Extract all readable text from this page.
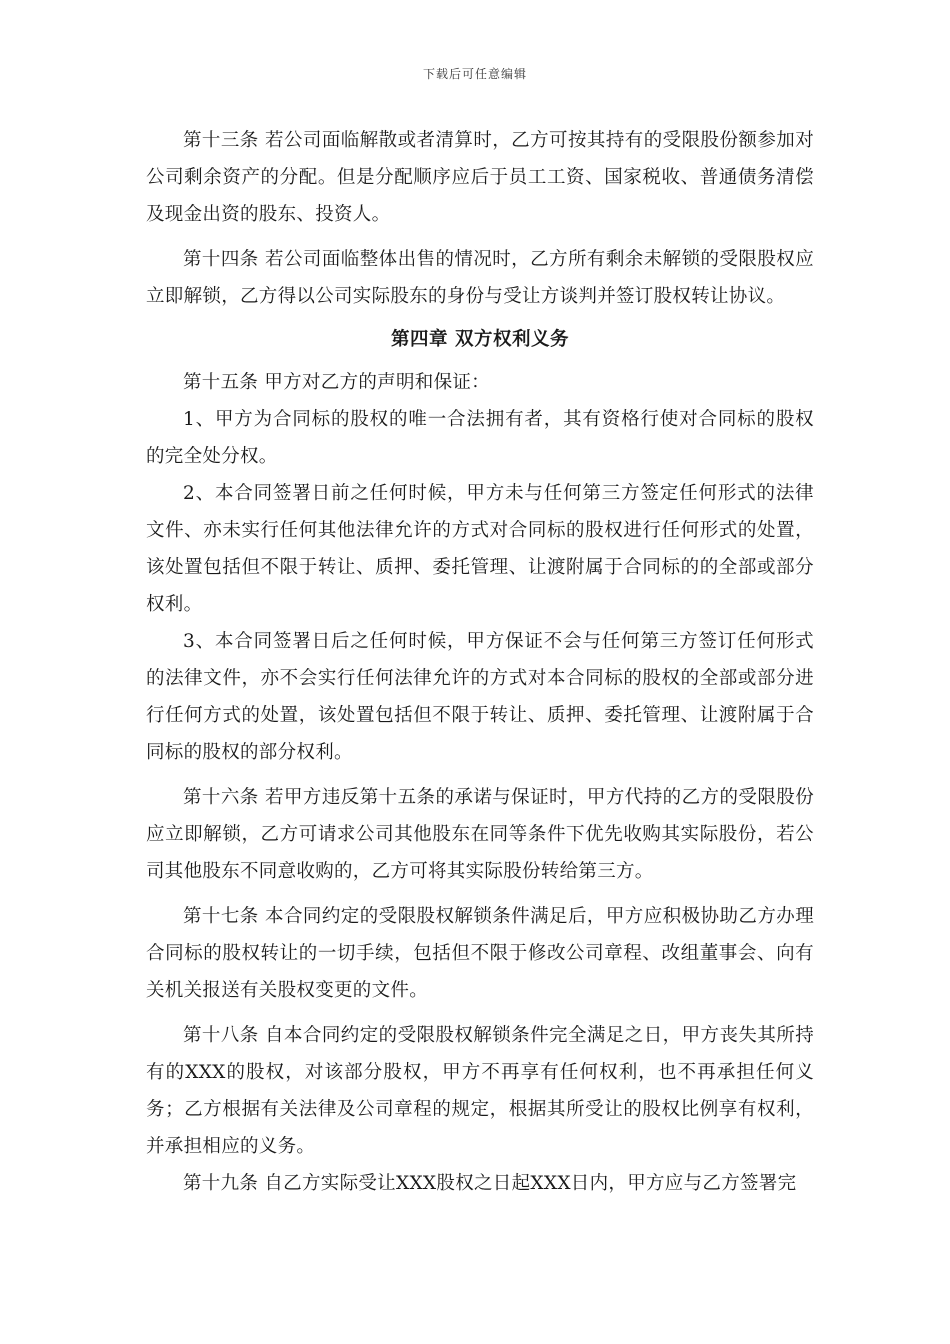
下载后可任意编辑

第十三条 若公司面临解散或者清算时，乙方可按其持有的受限股份额参加对公司剩余资产的分配。但是分配顺序应后于员工工资、国家税收、普通债务清偿及现金出资的股东、投资人。

第十四条 若公司面临整体出售的情况时，乙方所有剩余未解锁的受限股权应立即解锁，乙方得以公司实际股东的身份与受让方谈判并签订股权转让协议。

第四章 双方权利义务

第十五条 甲方对乙方的声明和保证：

1、甲方为合同标的股权的唯一合法拥有者，其有资格行使对合同标的股权的完全处分权。

2、本合同签署日前之任何时候，甲方未与任何第三方签定任何形式的法律文件、亦未实行任何其他法律允许的方式对合同标的股权进行任何形式的处置，该处置包括但不限于转让、质押、委托管理、让渡附属于合同标的的全部或部分权利。

3、本合同签署日后之任何时候，甲方保证不会与任何第三方签订任何形式的法律文件，亦不会实行任何法律允许的方式对本合同标的股权的全部或部分进行任何方式的处置，该处置包括但不限于转让、质押、委托管理、让渡附属于合同标的股权的部分权利。

第十六条 若甲方违反第十五条的承诺与保证时，甲方代持的乙方的受限股份应立即解锁，乙方可请求公司其他股东在同等条件下优先收购其实际股份，若公司其他股东不同意收购的，乙方可将其实际股份转给第三方。

第十七条 本合同约定的受限股权解锁条件满足后，甲方应积极协助乙方办理合同标的股权转让的一切手续，包括但不限于修改公司章程、改组董事会、向有关机关报送有关股权变更的文件。

第十八条 自本合同约定的受限股权解锁条件完全满足之日，甲方丧失其所持有的XXX的股权，对该部分股权，甲方不再享有任何权利，也不再承担任何义务；乙方根据有关法律及公司章程的规定，根据其所受让的股权比例享有权利，并承担相应的义务。

第十九条 自乙方实际受让XXX股权之日起XXX日内，甲方应与乙方签署完
